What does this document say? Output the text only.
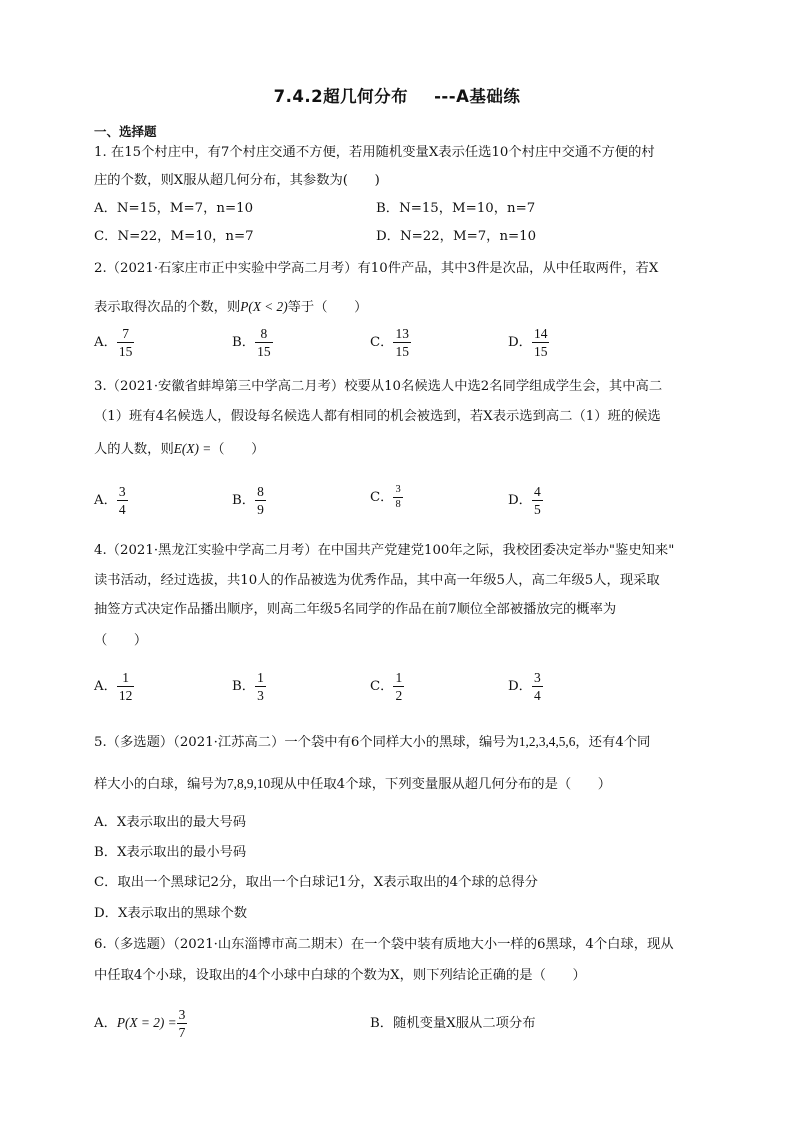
7.4.2超几何分布 ---A基础练
一、选择题
1. 在15个村庄中，有7个村庄交通不方便，若用随机变量X表示任选10个村庄中交通不方便的村
庄的个数，则X服从超几何分布，其参数为(　　)
A．N=15，M=7，n=10	B．N=15，M=10，n=7
C．N=22，M=10，n=7	D．N=22，M=7，n=10
2.（2021·石家庄市正中实验中学高二月考）有10件产品，其中3件是次品，从中任取两件，若X
表示取得次品的个数，则P(X < 2)等于（　　）
A． $\frac{7}{15}$	B． $\frac{8}{15}$	C． $\frac{13}{15}$	D． $\frac{14}{15}$
3.（2021·安徽省蚌埠第三中学高二月考）校要从10名候选人中选2名同学组成学生会，其中高二
（1）班有4名候选人，假设每名候选人都有相同的机会被选到，若X表示选到高二（1）班的候选
人的人数，则E(X) =（　　）
A． $\frac{3}{4}$	B． $\frac{8}{9}$	C． $\frac{3}{8}$	D． $\frac{4}{5}$
4.（2021·黑龙江实验中学高二月考）在中国共产党建党100年之际，我校团委决定举办"鉴史知来"
读书活动，经过选拔，共10人的作品被选为优秀作品，其中高一年级5人，高二年级5人，现采取
抽签方式决定作品播出顺序，则高二年级5名同学的作品在前7顺位全部被播放完的概率为
（　　）
A． $\frac{1}{12}$	B． $\frac{1}{3}$	C． $\frac{1}{2}$	D． $\frac{3}{4}$
5.（多选题）（2021·江苏高二）一个袋中有6个同样大小的黑球，编号为1,2,3,4,5,6，还有4个同
样大小的白球，编号为7,8,9,10现从中任取4个球，下列变量服从超几何分布的是（　　）
A．X表示取出的最大号码
B．X表示取出的最小号码
C．取出一个黑球记2分，取出一个白球记1分，X表示取出的4个球的总得分
D．X表示取出的黑球个数
6.（多选题）（2021·山东淄博市高二期末）在一个袋中装有质地大小一样的6黑球，4个白球，现从
中任取4个小球，设取出的4个小球中白球的个数为X，则下列结论正确的是（　　）
A．$P(X = 2) = \frac{3}{7}$	B．随机变量X服从二项分布
